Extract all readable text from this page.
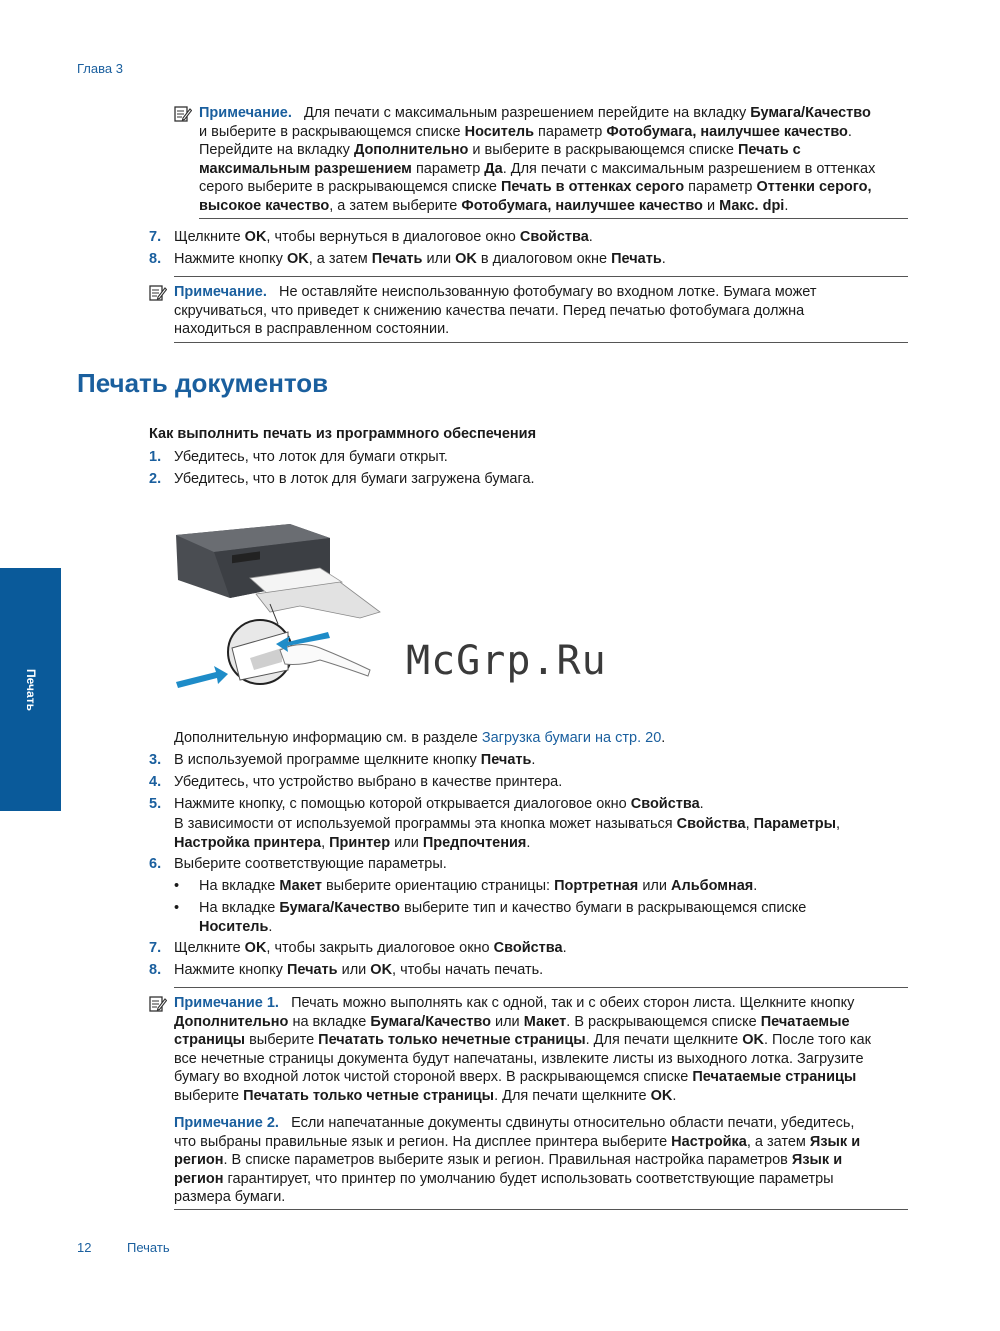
Глава 3
Печать
Примечание. Для печати с максимальным разрешением перейдите на вкладку Бумага/Качество
и выберите в раскрывающемся списке Носитель параметр Фотобумага, наилучшее качество.
Перейдите на вкладку Дополнительно и выберите в раскрывающемся списке Печать с
максимальным разрешением параметр Да. Для печати с максимальным разрешением в оттенках
серого выберите в раскрывающемся списке Печать в оттенках серого параметр Оттенки серого,
высокое качество, а затем выберите Фотобумага, наилучшее качество и Макс. dpi.
7. Щелкните OK, чтобы вернуться в диалоговое окно Свойства.
8. Нажмите кнопку OK, а затем Печать или OK в диалоговом окне Печать.
Примечание. Не оставляйте неиспользованную фотобумагу во входном лотке. Бумага может
скручиваться, что приведет к снижению качества печати. Перед печатью фотобумага должна
находиться в расправленном состоянии.
Печать документов
Как выполнить печать из программного обеспечения
1. Убедитесь, что лоток для бумаги открыт.
2. Убедитесь, что в лоток для бумаги загружена бумага.
McGrp.Ru
Дополнительную информацию см. в разделе Загрузка бумаги на стр. 20.
3. В используемой программе щелкните кнопку Печать.
4. Убедитесь, что устройство выбрано в качестве принтера.
5. Нажмите кнопку, с помощью которой открывается диалоговое окно Свойства.
В зависимости от используемой программы эта кнопка может называться Свойства, Параметры,
Настройка принтера, Принтер или Предпочтения.
6. Выберите соответствующие параметры.
• На вкладке Макет выберите ориентацию страницы: Портретная или Альбомная.
• На вкладке Бумага/Качество выберите тип и качество бумаги в раскрывающемся списке
Носитель.
7. Щелкните OK, чтобы закрыть диалоговое окно Свойства.
8. Нажмите кнопку Печать или OK, чтобы начать печать.
Примечание 1. Печать можно выполнять как с одной, так и с обеих сторон листа. Щелкните кнопку
Дополнительно на вкладке Бумага/Качество или Макет. В раскрывающемся списке Печатаемые
страницы выберите Печатать только нечетные страницы. Для печати щелкните OK. После того как
все нечетные страницы документа будут напечатаны, извлеките листы из выходного лотка. Загрузите
бумагу во входной лоток чистой стороной вверх. В раскрывающемся списке Печатаемые страницы
выберите Печатать только четные страницы. Для печати щелкните OK.
Примечание 2. Если напечатанные документы сдвинуты относительно области печати, убедитесь,
что выбраны правильные язык и регион. На дисплее принтера выберите Настройка, а затем Язык и
регион. В списке параметров выберите язык и регион. Правильная настройка параметров Язык и
регион гарантирует, что принтер по умолчанию будет использовать соответствующие параметры
размера бумаги.
12	Печать
